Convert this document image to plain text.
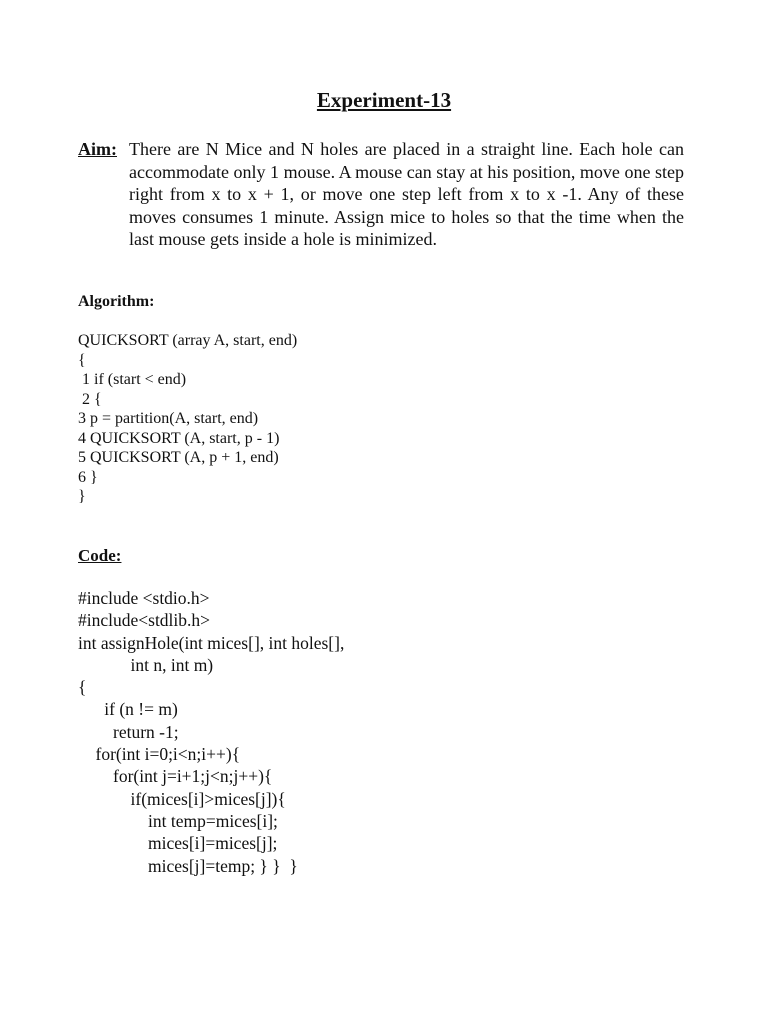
Experiment-13
Aim: There are N Mice and N holes are placed in a straight line. Each hole can accommodate only 1 mouse. A mouse can stay at his position, move one step right from x to x + 1, or move one step left from x to x -1. Any of these moves consumes 1 minute. Assign mice to holes so that the time when the last mouse gets inside a hole is minimized.
Algorithm:
QUICKSORT (array A, start, end)
{
1 if (start < end)
2 {
3 p = partition(A, start, end)
4 QUICKSORT (A, start, p - 1)
5 QUICKSORT (A, p + 1, end)
6 }
}
Code:
#include <stdio.h>
#include<stdlib.h>
int assignHole(int mices[], int holes[],
int n, int m)
{
if (n != m)
return -1;
for(int i=0;i<n;i++){
for(int j=i+1;j<n;j++){
if(mices[i]>mices[j]){
int temp=mices[i];
mices[i]=mices[j];
mices[j]=temp; } }  }
